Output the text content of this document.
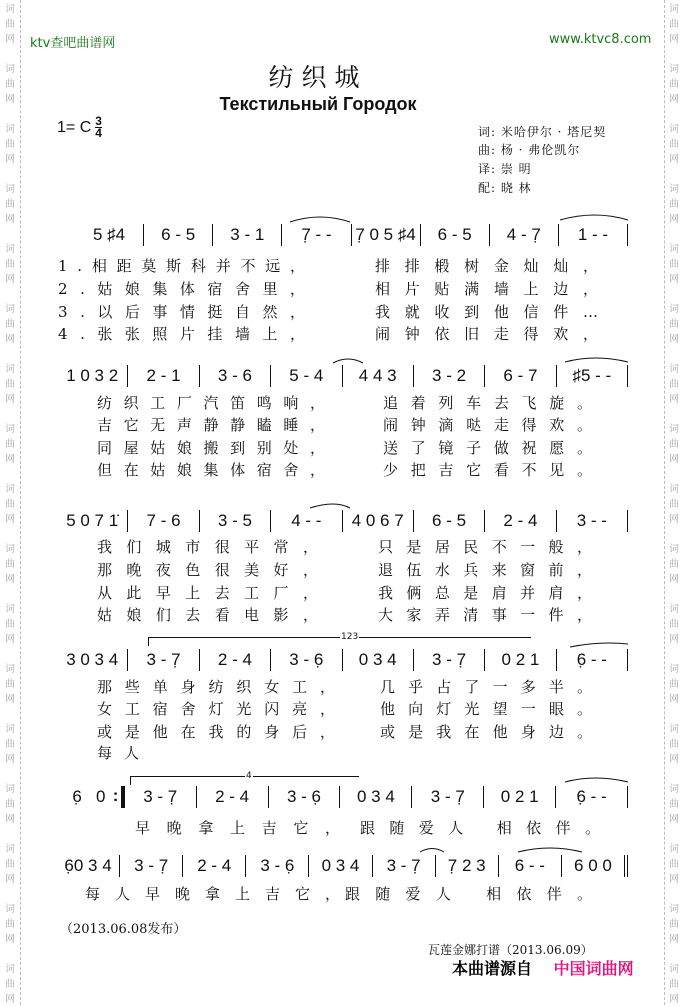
词
曲
网
词
曲
网
词
曲
网
词
曲
网
词
曲
网
词
曲
网
词
曲
网
词
曲
网
词
曲
网
词
曲
网
词
曲
网
词
曲
网
词
曲
网
词
曲
网
词
曲
网
词
曲
网
词
曲
网
词
曲
网
词
曲
网
词
曲
网
词
曲
网
词
曲
网
词
曲
网
词
曲
网
词
曲
网
词
曲
网
词
曲
网
词
曲
网
词
曲
网
词
曲
网
词
曲
网
词
曲
网
词
曲
网
词
曲
网
ktv查吧曲谱网	www.ktvc8.com
纺织城
Текстильный Городок
1= C 3
4	词: 米哈伊尔 · 塔尼契
曲: 杨 · 弗伦凯尔
译: 崇 明
配: 晓 林
5 ♯4	6 - 5	3 - 1	7̣ - -	7̣ 0 5 ♯4	6 - 5	4 - 7̣	1 - -
1.相距莫斯科并不远，	排排椴树金灿灿，
2.姑娘集体宿舍里，	相片贴满墙上边，
3.以后事情挺自然，	我就收到他信件…
4.张张照片挂墙上，	闹钟依旧走得欢，
1 0 3 2	2 - 1	3 - 6	5 - 4	4 4 3	3 - 2	6 - 7	♯5 - -
纺织工厂汽笛鸣响，	追着列车去飞旋。
吉它无声静静瞌睡，	闹钟滴哒走得欢。
同屋姑娘搬到别处，	送了镜子做祝愿。
但在姑娘集体宿舍，	少把吉它看不见。
5 0 7 1̇	7 - 6	3 - 5	4 - -	4 0 6 7	6 - 5	2 - 4	3 - -
我们城市很平常，	只是居民不一般，
那晚夜色很美好，	退伍水兵来窗前，
从此早上去工厂，	我俩总是肩并肩，
姑娘们去看电影，	大家弄清事一件，
123
3 0 3 4	3 - 7̣	2 - 4	3 - 6̣	0 3 4	3 - 7̣	0 2 1	6̣ - -
那些单身纺织女工， 几乎占了一多半。
女工宿舍灯光闪亮， 他向灯光望一眼。
或是他在我的身后， 或是我在他身边。
每人
4
6̣   0	: 3 - 7̣	2 - 4	3 - 6̣	0 3 4	3 - 7̣	0 2 1	6̣ - -
早晚拿上吉它， 跟随爱人 相依伴。
6̣0 3 4	3 - 7̣	2 - 4	3 - 6̣	0 3 4	3 - 7̣	7̣ 2 3	6 - -	6 0 0
每人早晚拿上吉它，
跟随爱人 相依伴。
（2013.06.08发布）
瓦莲金娜打谱（2013.06.09）
本曲谱源自 中国词曲网
